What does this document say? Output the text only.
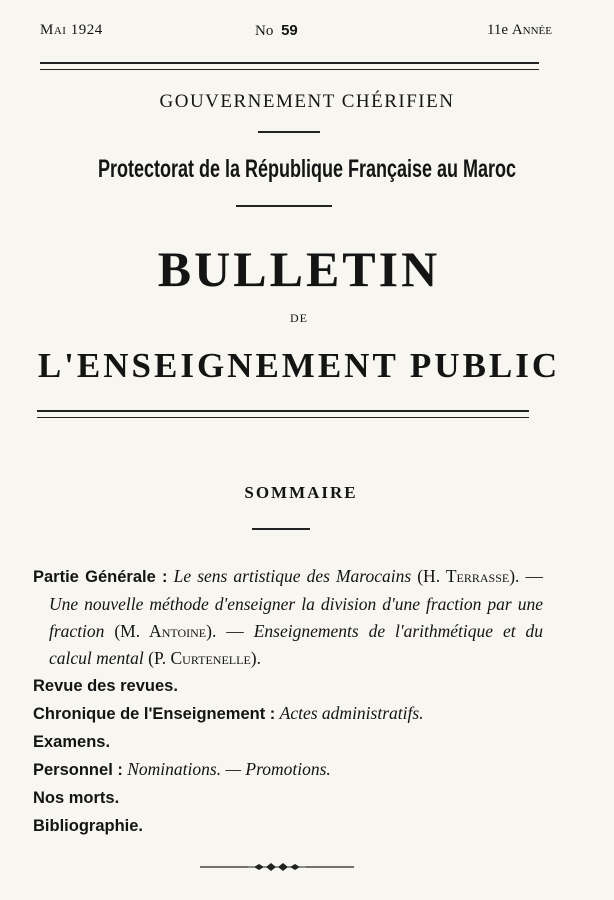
Mai 1924	No 59	11e Année
GOUVERNEMENT CHÉRIFIEN
Protectorat de la République Française au Maroc
BULLETIN
DE
L'ENSEIGNEMENT PUBLIC
SOMMAIRE

Partie Générale : Le sens artistique des Marocains (H. Terrasse). — Une nouvelle méthode d'enseigner la division d'une fraction par une fraction (M. Antoine). — Enseignements de l'arithmétique et du calcul mental (P. Curtenelle).

Revue des revues.

Chronique de l'Enseignement : Actes administratifs.

Examens.

Personnel : Nominations. — Promotions.

Nos morts.

Bibliographie.
